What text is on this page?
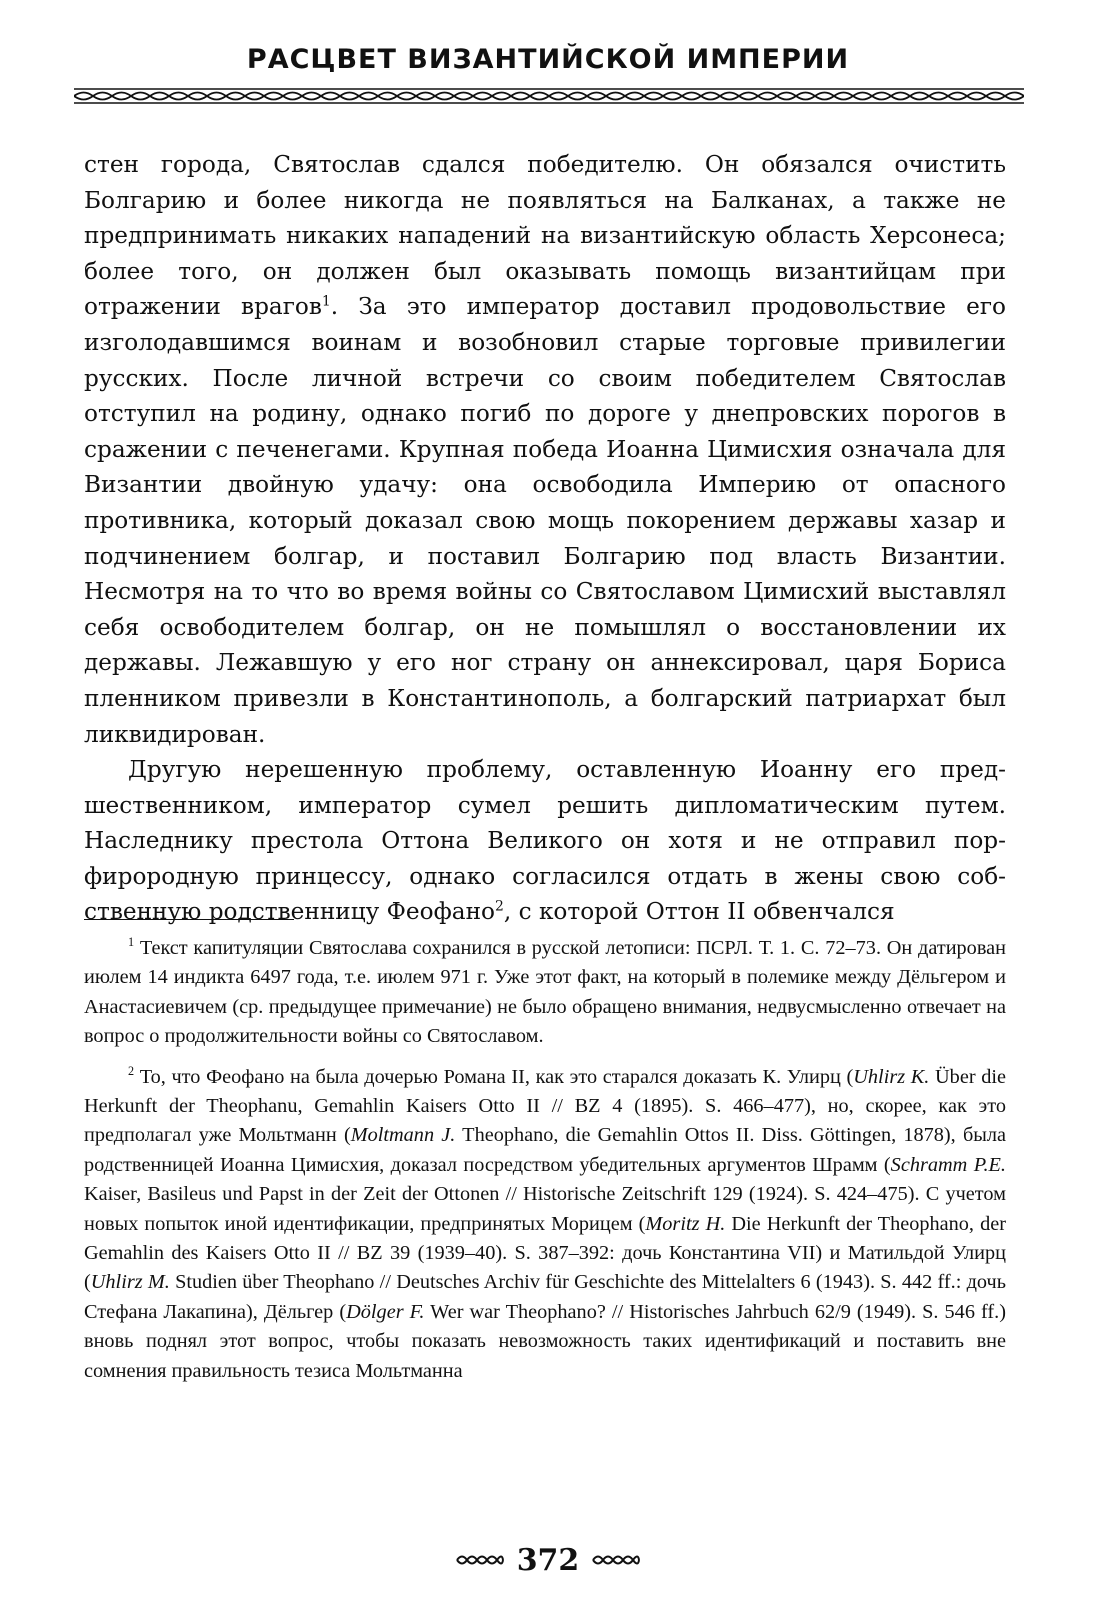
РАСЦВЕТ ВИЗАНТИЙСКОЙ ИМПЕРИИ

стен города, Святослав сдался победителю. Он обязался очистить Болгарию и более никогда не появляться на Балканах, а также не предпринимать никаких нападений на византийскую область Херсонеса; более того, он должен был оказывать помощь византийцам при отражении врагов$^1$. За это император доставил продовольствие его изголодавшимся воинам и возобновил старые торговые привилегии русских. После личной встречи со своим победителем Святослав отступил на родину, однако погиб по дороге у днепровских порогов в сражении с печенегами. Крупная победа Иоанна Цимисхия означала для Византии двойную удачу: она освободила Империю от опасного противника, который доказал свою мощь покорением державы хазар и подчинением болгар, и поставил Болгарию под власть Византии. Несмотря на то что во время войны со Святославом Цимисхий выставлял себя освободителем болгар, он не помышлял о восстановлении их державы. Лежавшую у его ног страну он аннексировал, царя Бориса пленником привезли в Константинополь, а болгарский патриархат был ликвидирован.

Другую нерешенную проблему, оставленную Иоанну его предшественником, император сумел решить дипломатическим путем. Наследнику престола Оттона Великого он хотя и не отправил порфирородную принцессу, однако согласился отдать в жены свою собственную родственницу Феофано$^2$, с которой Оттон II обвенчался

$^1$ Текст капитуляции Святослава сохранился в русской летописи: ПСРЛ. Т. 1. С. 72–73. Он датирован июлем 14 индикта 6497 года, т.е. июлем 971 г. Уже этот факт, на который в полемике между Дёльгером и Анастасиевичем (ср. предыдущее примечание) не было обращено внимания, недвусмысленно отвечает на вопрос о продолжительности войны со Святославом.

$^2$ То, что Феофано на была дочерью Романа II, как это старался доказать К. Улирц (Uhlirz K. Über die Herkunft der Theophanu, Gemahlin Kaisers Otto II // BZ 4 (1895). S. 466–477), но, скорее, как это предполагал уже Мольтманн (Moltmann J. Theophano, die Gemahlin Ottos II. Diss. Göttingen, 1878), была родственницей Иоанна Цимисхия, доказал посредством убедительных аргументов Шрамм (Schramm P.E. Kaiser, Basileus und Papst in der Zeit der Ottonen // Historische Zeitschrift 129 (1924). S. 424–475). С учетом новых попыток иной идентификации, предпринятых Морицем (Moritz H. Die Herkunft der Theophano, der Gemahlin des Kaisers Otto II // BZ 39 (1939–40). S. 387–392: дочь Константина VII) и Матильдой Улирц (Uhlirz M. Studien über Theophano // Deutsches Archiv für Geschichte des Mittelalters 6 (1943). S. 442 ff.: дочь Стефана Лакапина), Дёльгер (Dölger F. Wer war Theophano? // Historisches Jahrbuch 62/9 (1949). S. 546 ff.) вновь поднял этот вопрос, чтобы показать невозможность таких идентификаций и поставить вне сомнения правильность тезиса Мольтманна

372
